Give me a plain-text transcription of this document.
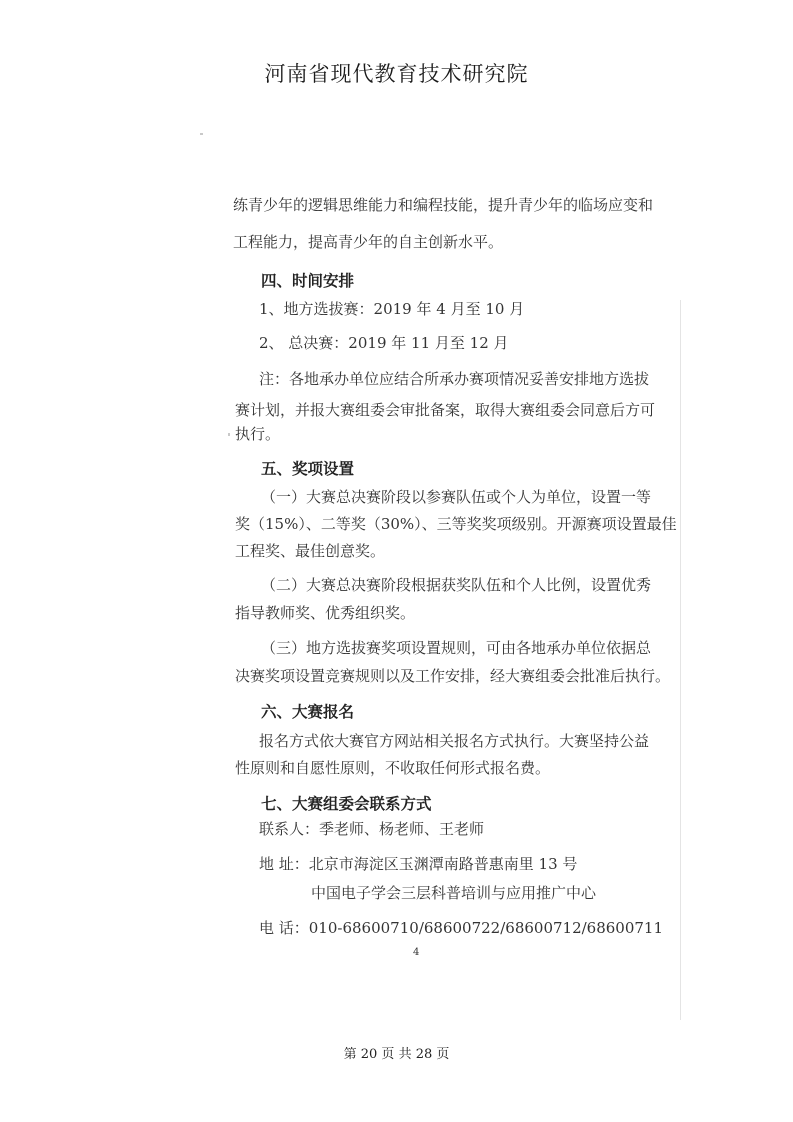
河南省现代教育技术研究院
练青少年的逻辑思维能力和编程技能，提升青少年的临场应变和
工程能力，提高青少年的自主创新水平。
四、时间安排
1、地方选拔赛：2019 年 4 月至 10 月
2、 总决赛：2019 年 11 月至 12 月
注：各地承办单位应结合所承办赛项情况妥善安排地方选拔
赛计划，并报大赛组委会审批备案，取得大赛组委会同意后方可
执行。
五、奖项设置
（一）大赛总决赛阶段以参赛队伍或个人为单位，设置一等
奖（15%）、二等奖（30%）、三等奖奖项级别。开源赛项设置最佳
工程奖、最佳创意奖。
（二）大赛总决赛阶段根据获奖队伍和个人比例，设置优秀
指导教师奖、优秀组织奖。
（三）地方选拔赛奖项设置规则，可由各地承办单位依据总
决赛奖项设置竞赛规则以及工作安排，经大赛组委会批准后执行。
六、大赛报名
报名方式依大赛官方网站相关报名方式执行。大赛坚持公益
性原则和自愿性原则，不收取任何形式报名费。
七、大赛组委会联系方式
联系人：季老师、杨老师、王老师
地 址：北京市海淀区玉渊潭南路普惠南里 13 号
中国电子学会三层科普培训与应用推广中心
电 话：010-68600710/68600722/68600712/68600711
4
第 20 页 共 28 页
